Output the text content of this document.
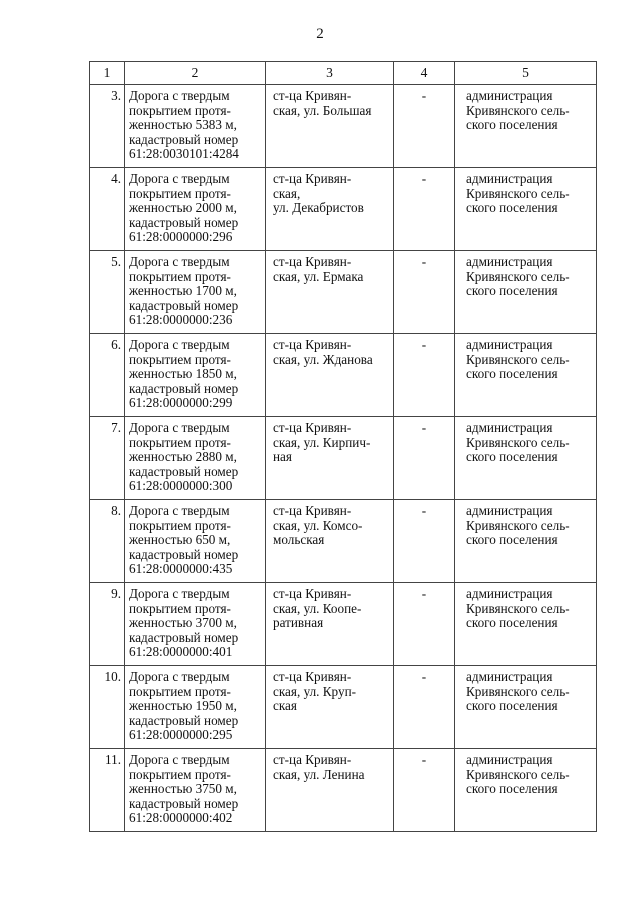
2
1	2	3	4	5
3.	Дорога с твердым
покрытием протя-
женностью 5383 м,
кадастровый номер
61:28:0030101:4284	ст-ца Кривян-
ская, ул. Большая	-	администрация
Кривянского сель-
ского поселения

4.	Дорога с твердым
покрытием протя-
женностью 2000 м,
кадастровый номер
61:28:0000000:296	ст-ца Кривян-
ская,
ул. Декабристов	-	администрация
Кривянского сель-
ского поселения

5.	Дорога с твердым
покрытием протя-
женностью 1700 м,
кадастровый номер
61:28:0000000:236	ст-ца Кривян-
ская, ул. Ермака	-	администрация
Кривянского сель-
ского поселения

6.	Дорога с твердым
покрытием протя-
женностью 1850 м,
кадастровый номер
61:28:0000000:299	ст-ца Кривян-
ская, ул. Жданова	-	администрация
Кривянского сель-
ского поселения

7.	Дорога с твердым
покрытием протя-
женностью 2880 м,
кадастровый номер
61:28:0000000:300	ст-ца Кривян-
ская, ул. Кирпич-
ная	-	администрация
Кривянского сель-
ского поселения

8.	Дорога с твердым
покрытием протя-
женностью 650 м,
кадастровый номер
61:28:0000000:435	ст-ца Кривян-
ская, ул. Комсо-
мольская	-	администрация
Кривянского сель-
ского поселения

9.	Дорога с твердым
покрытием протя-
женностью 3700 м,
кадастровый номер
61:28:0000000:401	ст-ца Кривян-
ская, ул. Коопе-
ративная	-	администрация
Кривянского сель-
ского поселения

10.	Дорога с твердым
покрытием протя-
женностью 1950 м,
кадастровый номер
61:28:0000000:295	ст-ца Кривян-
ская, ул. Круп-
ская	-	администрация
Кривянского сель-
ского поселения

11.	Дорога с твердым
покрытием протя-
женностью 3750 м,
кадастровый номер
61:28:0000000:402	ст-ца Кривян-
ская, ул. Ленина	-	администрация
Кривянского сель-
ского поселения
